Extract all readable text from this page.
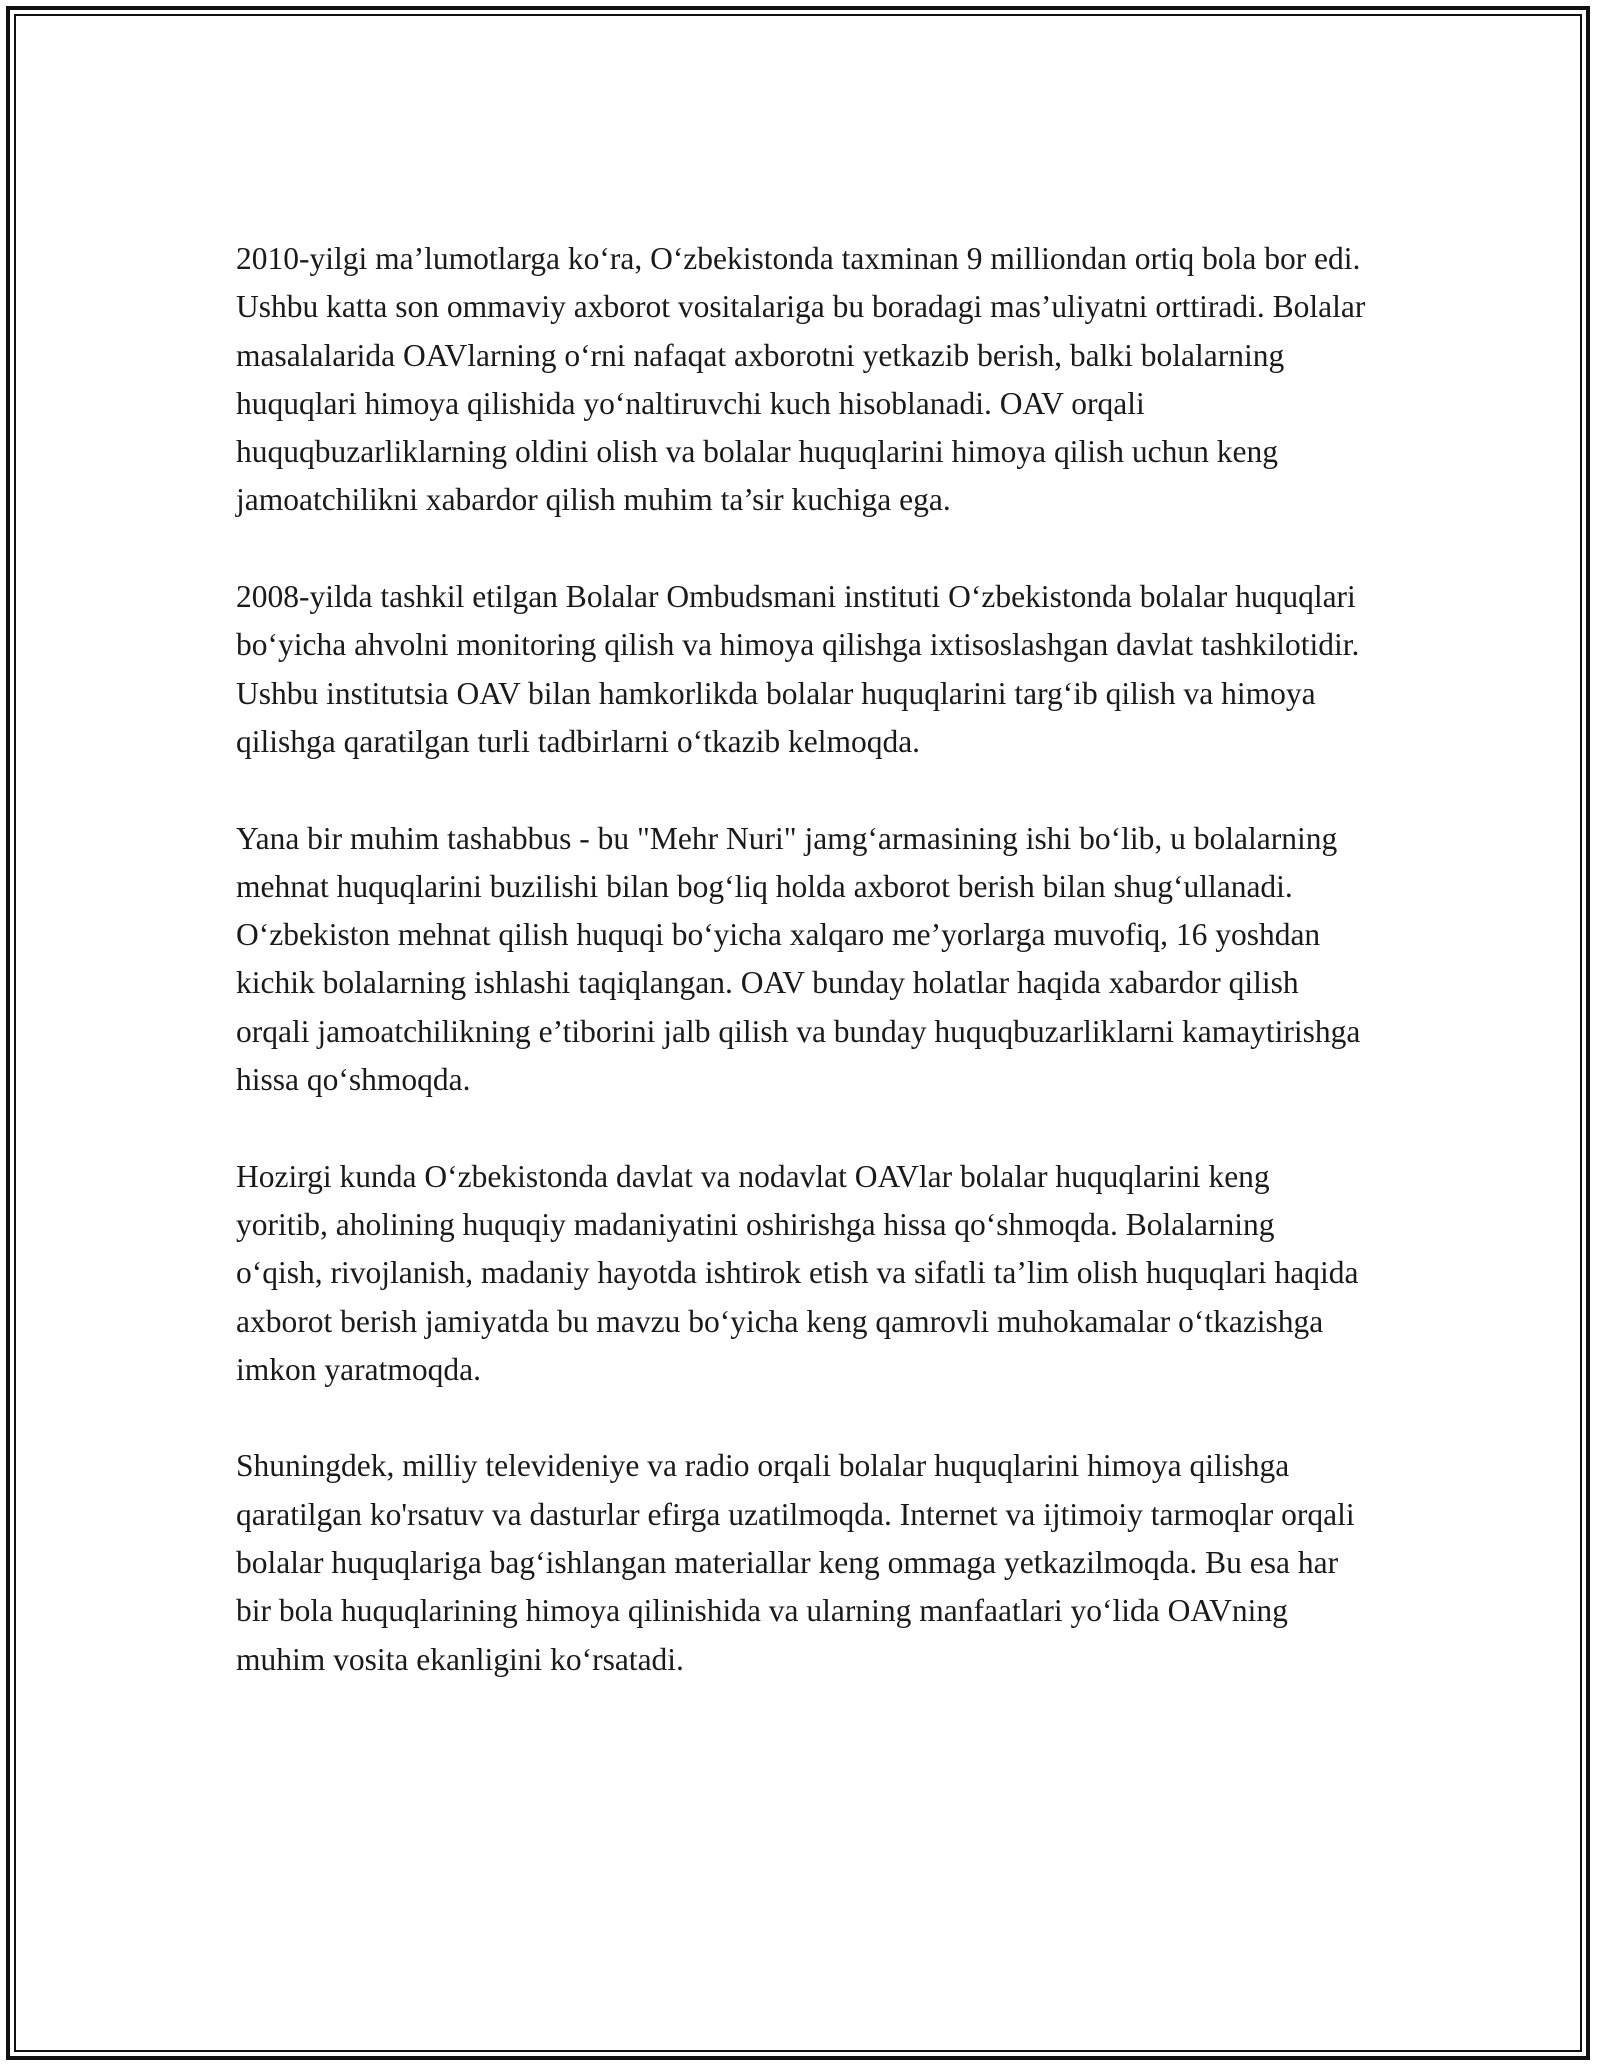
2010-yilgi ma’lumotlarga ko‘ra, O‘zbekistonda taxminan 9 milliondan ortiq bola bor edi. Ushbu katta son ommaviy axborot vositalariga bu boradagi mas’uliyatni orttiradi. Bolalar masalalarida OAVlarning o‘rni nafaqat axborotni yetkazib berish, balki bolalarning huquqlari himoya qilishida yo‘naltiruvchi kuch hisoblanadi. OAV orqali huquqbuzarliklarning oldini olish va bolalar huquqlarini himoya qilish uchun keng jamoatchilikni xabardor qilish muhim ta’sir kuchiga ega.

2008-yilda tashkil etilgan Bolalar Ombudsmani instituti O‘zbekistonda bolalar huquqlari bo‘yicha ahvolni monitoring qilish va himoya qilishga ixtisoslashgan davlat tashkilotidir. Ushbu institutsia OAV bilan hamkorlikda bolalar huquqlarini targ‘ib qilish va himoya qilishga qaratilgan turli tadbirlarni o‘tkazib kelmoqda.

Yana bir muhim tashabbus - bu "Mehr Nuri" jamg‘armasining ishi bo‘lib, u bolalarning mehnat huquqlarini buzilishi bilan bog‘liq holda axborot berish bilan shug‘ullanadi. O‘zbekiston mehnat qilish huquqi bo‘yicha xalqaro me’yorlarga muvofiq, 16 yoshdan kichik bolalarning ishlashi taqiqlangan. OAV bunday holatlar haqida xabardor qilish orqali jamoatchilikning e’tiborini jalb qilish va bunday huquqbuzarliklarni kamaytirishga hissa qo‘shmoqda.

Hozirgi kunda O‘zbekistonda davlat va nodavlat OAVlar bolalar huquqlarini keng yoritib, aholining huquqiy madaniyatini oshirishga hissa qo‘shmoqda. Bolalarning o‘qish, rivojlanish, madaniy hayotda ishtirok etish va sifatli ta’lim olish huquqlari haqida axborot berish jamiyatda bu mavzu bo‘yicha keng qamrovli muhokamalar o‘tkazishga imkon yaratmoqda.

Shuningdek, milliy televideniye va radio orqali bolalar huquqlarini himoya qilishga qaratilgan ko'rsatuv va dasturlar efirga uzatilmoqda. Internet va ijtimoiy tarmoqlar orqali bolalar huquqlariga bag‘ishlangan materiallar keng ommaga yetkazilmoqda. Bu esa har bir bola huquqlarining himoya qilinishida va ularning manfaatlari yo‘lida OAVning muhim vosita ekanligini ko‘rsatadi.
